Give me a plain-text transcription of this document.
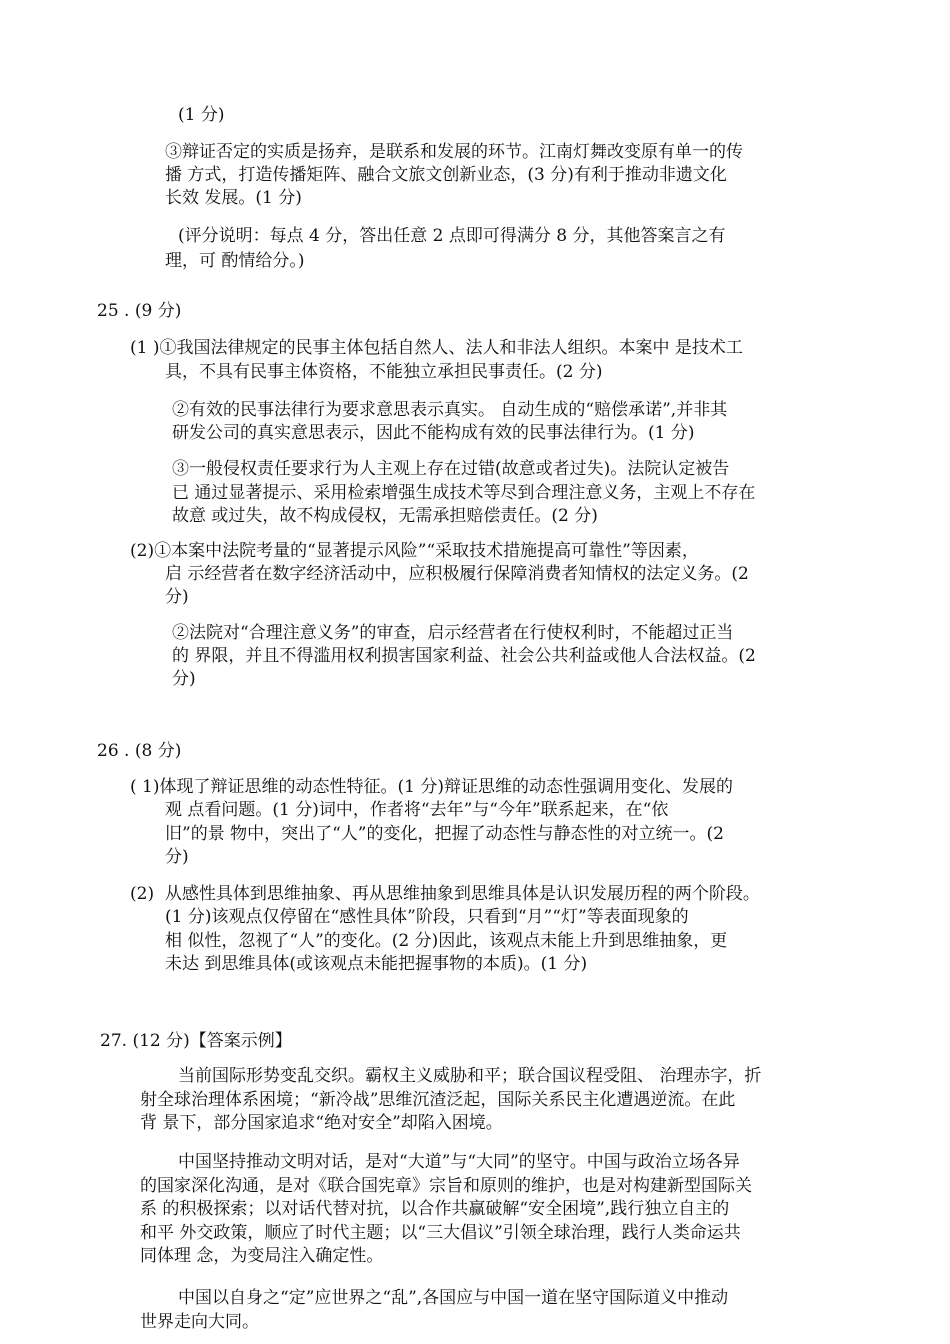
(1 分)
③辩证否定的实质是扬弃，是联系和发展的环节。江南灯舞改变原有单一的传
播 方式，打造传播矩阵、融合文旅文创新业态，(3 分)有利于推动非遗文化
长效 发展。(1 分)
(评分说明：每点 4 分，答出任意 2 点即可得满分 8 分，其他答案言之有
理，可 酌情给分。)
25 . (9 分)
(1 )①我国法律规定的民事主体包括自然人、法人和非法人组织。本案中 是技术工
具，不具有民事主体资格，不能独立承担民事责任。(2 分)
②有效的民事法律行为要求意思表示真实。 自动生成的“赔偿承诺”,并非其
研发公司的真实意思表示，因此不能构成有效的民事法律行为。(1 分)
③一般侵权责任要求行为人主观上存在过错(故意或者过失)。法院认定被告
已 通过显著提示、采用检索增强生成技术等尽到合理注意义务，主观上不存在
故意 或过失，故不构成侵权，无需承担赔偿责任。(2 分)
(2)①本案中法院考量的“显著提示风险”“采取技术措施提高可靠性”等因素，
启 示经营者在数字经济活动中，应积极履行保障消费者知情权的法定义务。(2
分)
②法院对“合理注意义务”的审查，启示经营者在行使权利时，不能超过正当
的 界限，并且不得滥用权利损害国家利益、社会公共利益或他人合法权益。(2
分)
26 . (8 分)
( 1)体现了辩证思维的动态性特征。(1 分)辩证思维的动态性强调用变化、发展的
观 点看问题。(1 分)词中，作者将“去年”与“今年”联系起来，在“依
旧”的景 物中，突出了“人”的变化，把握了动态性与静态性的对立统一。(2
分)
(2)  从感性具体到思维抽象、再从思维抽象到思维具体是认识发展历程的两个阶段。
(1 分)该观点仅停留在“感性具体”阶段，只看到“月”“灯”等表面现象的
相 似性，忽视了“人”的变化。(2 分)因此，该观点未能上升到思维抽象，更
未达 到思维具体(或该观点未能把握事物的本质)。(1 分)
27. (12 分)【答案示例】
当前国际形势变乱交织。霸权主义威胁和平；联合国议程受阻、 治理赤字，折
射全球治理体系困境；“新冷战”思维沉渣泛起，国际关系民主化遭遇逆流。在此
背 景下，部分国家追求“绝对安全”却陷入困境。
中国坚持推动文明对话，是对“大道”与“大同”的坚守。中国与政治立场各异
的国家深化沟通，是对《联合国宪章》宗旨和原则的维护，也是对构建新型国际关
系 的积极探索；以对话代替对抗，以合作共赢破解“安全困境”,践行独立自主的
和平 外交政策，顺应了时代主题；以“三大倡议”引领全球治理，践行人类命运共
同体理 念，为变局注入确定性。
中国以自身之“定”应世界之“乱”,各国应与中国一道在坚守国际道义中推动
世界走向大同。
